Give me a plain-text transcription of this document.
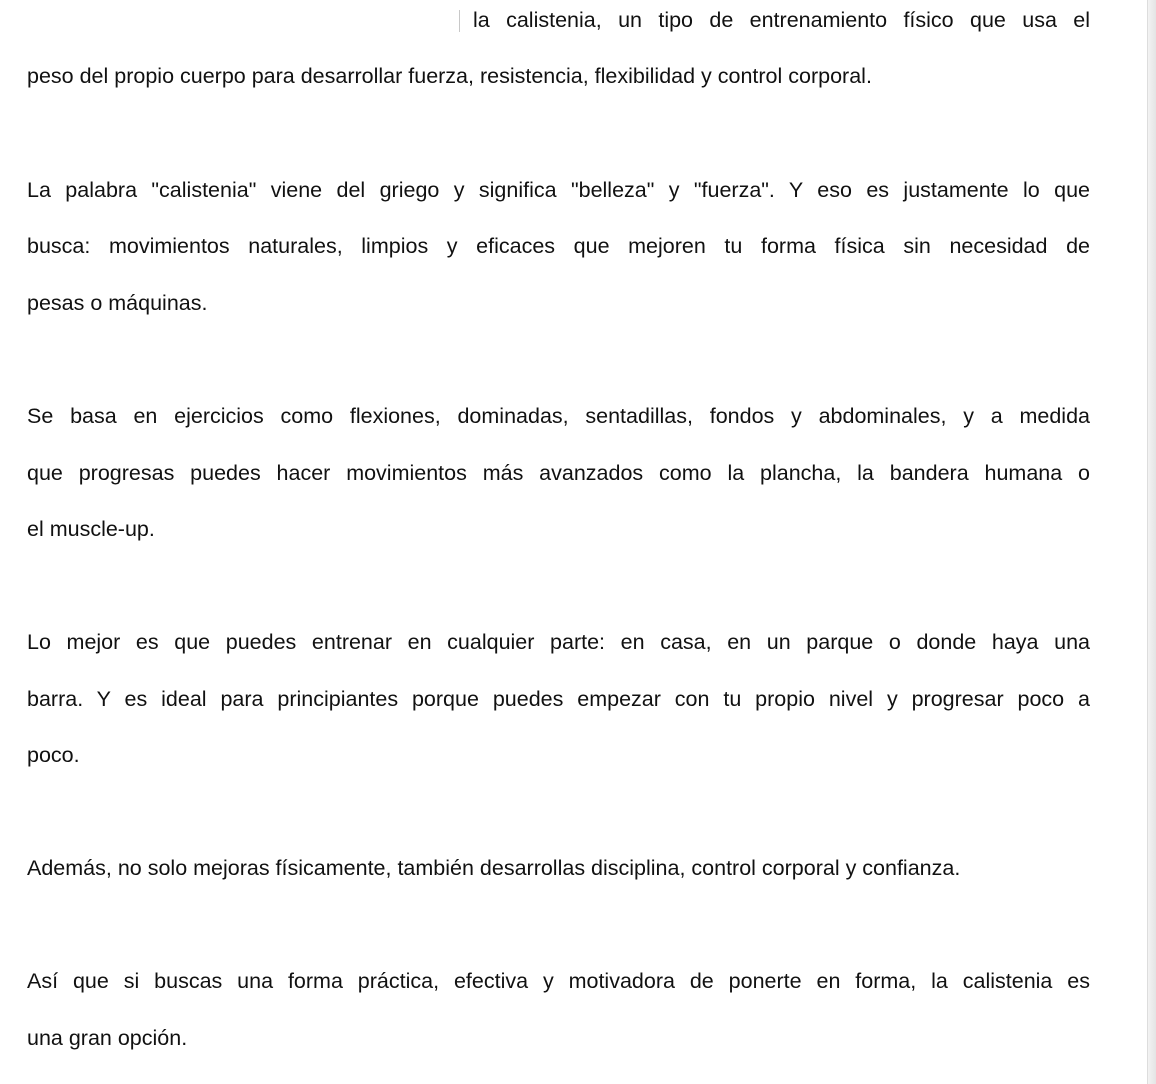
la calistenia, un tipo de entrenamiento físico que usa el
peso del propio cuerpo para desarrollar fuerza, resistencia, flexibilidad y control corporal.
La palabra "calistenia" viene del griego y significa "belleza" y "fuerza". Y eso es justamente lo que
busca: movimientos naturales, limpios y eficaces que mejoren tu forma física sin necesidad de
pesas o máquinas.
Se basa en ejercicios como flexiones, dominadas, sentadillas, fondos y abdominales, y a medida
que progresas puedes hacer movimientos más avanzados como la plancha, la bandera humana o
el muscle-up.
Lo mejor es que puedes entrenar en cualquier parte: en casa, en un parque o donde haya una
barra. Y es ideal para principiantes porque puedes empezar con tu propio nivel y progresar poco a
poco.
Además, no solo mejoras físicamente, también desarrollas disciplina, control corporal y confianza.
Así que si buscas una forma práctica, efectiva y motivadora de ponerte en forma, la calistenia es
una gran opción.
